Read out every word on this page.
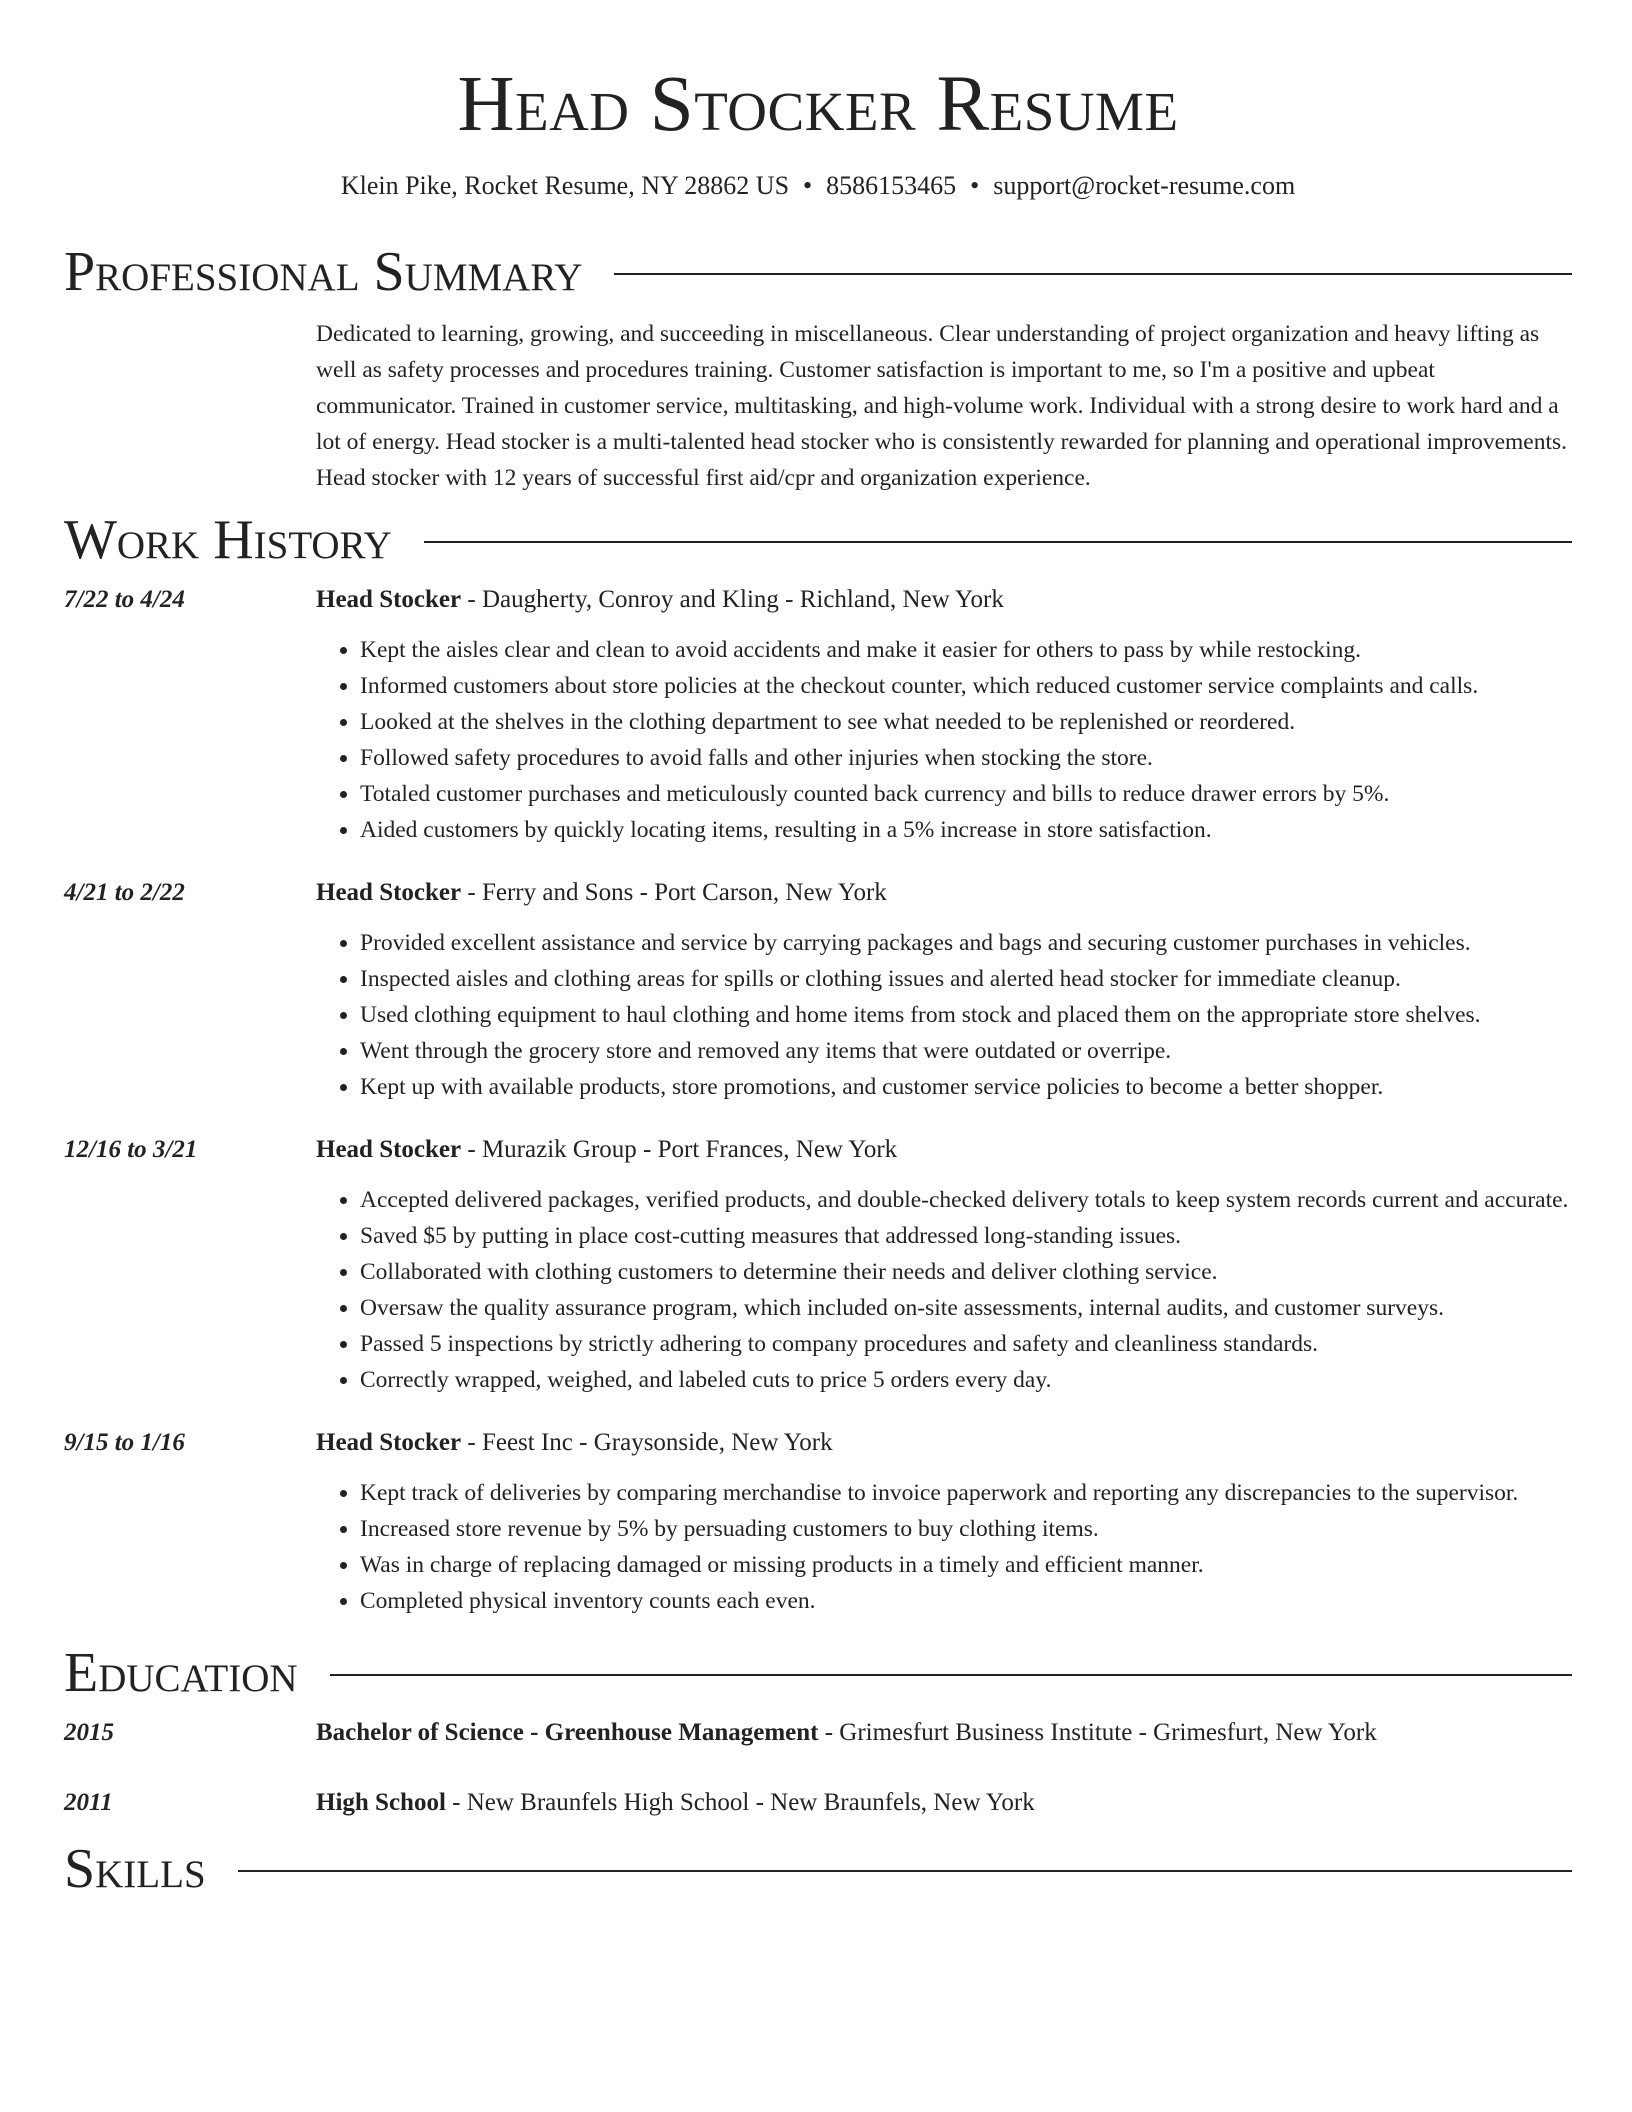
Head Stocker Resume
Klein Pike, Rocket Resume, NY 28862 US • 8586153465 • support@rocket-resume.com
Professional Summary

Dedicated to learning, growing, and succeeding in miscellaneous. Clear understanding of project organization and heavy lifting as well as safety processes and procedures training. Customer satisfaction is important to me, so I'm a positive and upbeat communicator. Trained in customer service, multitasking, and high-volume work. Individual with a strong desire to work hard and a lot of energy. Head stocker is a multi-talented head stocker who is consistently rewarded for planning and operational improvements. Head stocker with 12 years of successful first aid/cpr and organization experience.

Work History
7/22 to 4/24	Head Stocker - Daugherty, Conroy and Kling - Richland, New York
• Kept the aisles clear and clean to avoid accidents and make it easier for others to pass by while restocking.
• Informed customers about store policies at the checkout counter, which reduced customer service complaints and calls.
• Looked at the shelves in the clothing department to see what needed to be replenished or reordered.
• Followed safety procedures to avoid falls and other injuries when stocking the store.
• Totaled customer purchases and meticulously counted back currency and bills to reduce drawer errors by 5%.
• Aided customers by quickly locating items, resulting in a 5% increase in store satisfaction.
4/21 to 2/22	Head Stocker - Ferry and Sons - Port Carson, New York
• Provided excellent assistance and service by carrying packages and bags and securing customer purchases in vehicles.
• Inspected aisles and clothing areas for spills or clothing issues and alerted head stocker for immediate cleanup.
• Used clothing equipment to haul clothing and home items from stock and placed them on the appropriate store shelves.
• Went through the grocery store and removed any items that were outdated or overripe.
• Kept up with available products, store promotions, and customer service policies to become a better shopper.
12/16 to 3/21	Head Stocker - Murazik Group - Port Frances, New York
• Accepted delivered packages, verified products, and double-checked delivery totals to keep system records current and accurate.
• Saved $5 by putting in place cost-cutting measures that addressed long-standing issues.
• Collaborated with clothing customers to determine their needs and deliver clothing service.
• Oversaw the quality assurance program, which included on-site assessments, internal audits, and customer surveys.
• Passed 5 inspections by strictly adhering to company procedures and safety and cleanliness standards.
• Correctly wrapped, weighed, and labeled cuts to price 5 orders every day.
9/15 to 1/16	Head Stocker - Feest Inc - Graysonside, New York
• Kept track of deliveries by comparing merchandise to invoice paperwork and reporting any discrepancies to the supervisor.
• Increased store revenue by 5% by persuading customers to buy clothing items.
• Was in charge of replacing damaged or missing products in a timely and efficient manner.
• Completed physical inventory counts each even.
Education
2015	Bachelor of Science - Greenhouse Management - Grimesfurt Business Institute - Grimesfurt, New York
2011	High School - New Braunfels High School - New Braunfels, New York
Skills
